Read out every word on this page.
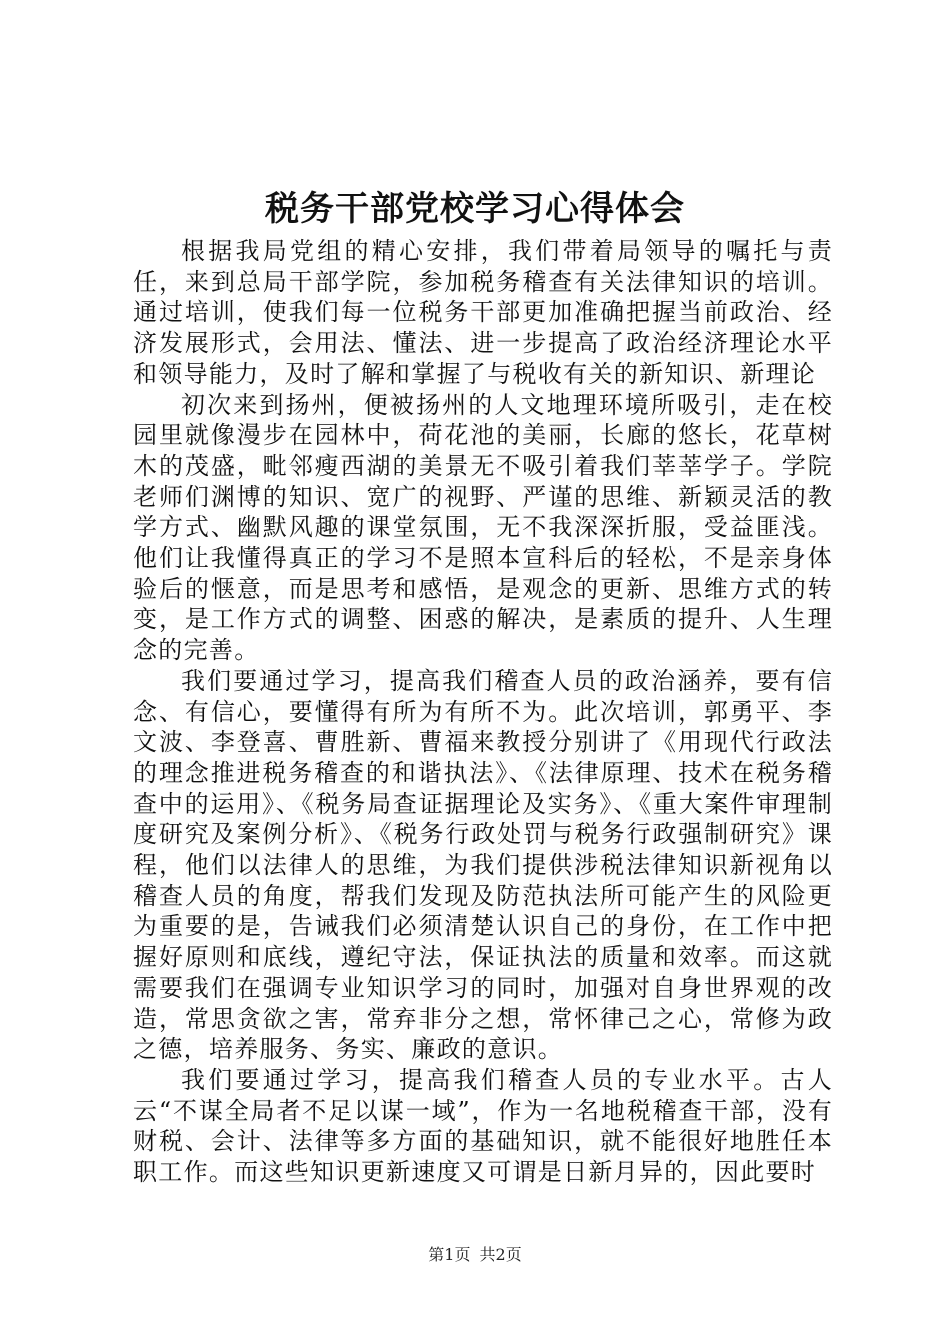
税务干部党校学习心得体会

根据我局党组的精心安排，我们带着局领导的嘱托与责任，来到总局干部学院，参加税务稽查有关法律知识的培训。通过培训，使我们每一位税务干部更加准确把握当前政治、经济发展形式，会用法、懂法、进一步提高了政治经济理论水平和领导能力，及时了解和掌握了与税收有关的新知识、新理论

初次来到扬州，便被扬州的人文地理环境所吸引，走在校园里就像漫步在园林中，荷花池的美丽，长廊的悠长，花草树木的茂盛，毗邻瘦西湖的美景无不吸引着我们莘莘学子。学院老师们渊博的知识、宽广的视野、严谨的思维、新颖灵活的教学方式、幽默风趣的课堂氛围，无不我深深折服，受益匪浅。他们让我懂得真正的学习不是照本宣科后的轻松，不是亲身体验后的惬意，而是思考和感悟，是观念的更新、思维方式的转变，是工作方式的调整、困惑的解决，是素质的提升、人生理念的完善。

我们要通过学习，提高我们稽查人员的政治涵养，要有信念、有信心，要懂得有所为有所不为。此次培训，郭勇平、李文波、李登喜、曹胜新、曹福来教授分别讲了《用现代行政法的理念推进税务稽查的和谐执法》、《法律原理、技术在税务稽查中的运用》、《税务局查证据理论及实务》、《重大案件审理制度研究及案例分析》、《税务行政处罚与税务行政强制研究》课程，他们以法律人的思维，为我们提供涉税法律知识新视角以稽查人员的角度，帮我们发现及防范执法所可能产生的风险更为重要的是，告诫我们必须清楚认识自己的身份，在工作中把握好原则和底线，遵纪守法，保证执法的质量和效率。而这就需要我们在强调专业知识学习的同时，加强对自身世界观的改造，常思贪欲之害，常弃非分之想，常怀律己之心，常修为政之德，培养服务、务实、廉政的意识。

我们要通过学习，提高我们稽查人员的专业水平。古人云“不谋全局者不足以谋一域”，作为一名地税稽查干部，没有财税、会计、法律等多方面的基础知识，就不能很好地胜任本职工作。而这些知识更新速度又可谓是日新月异的，因此要时

第1页 共2页
